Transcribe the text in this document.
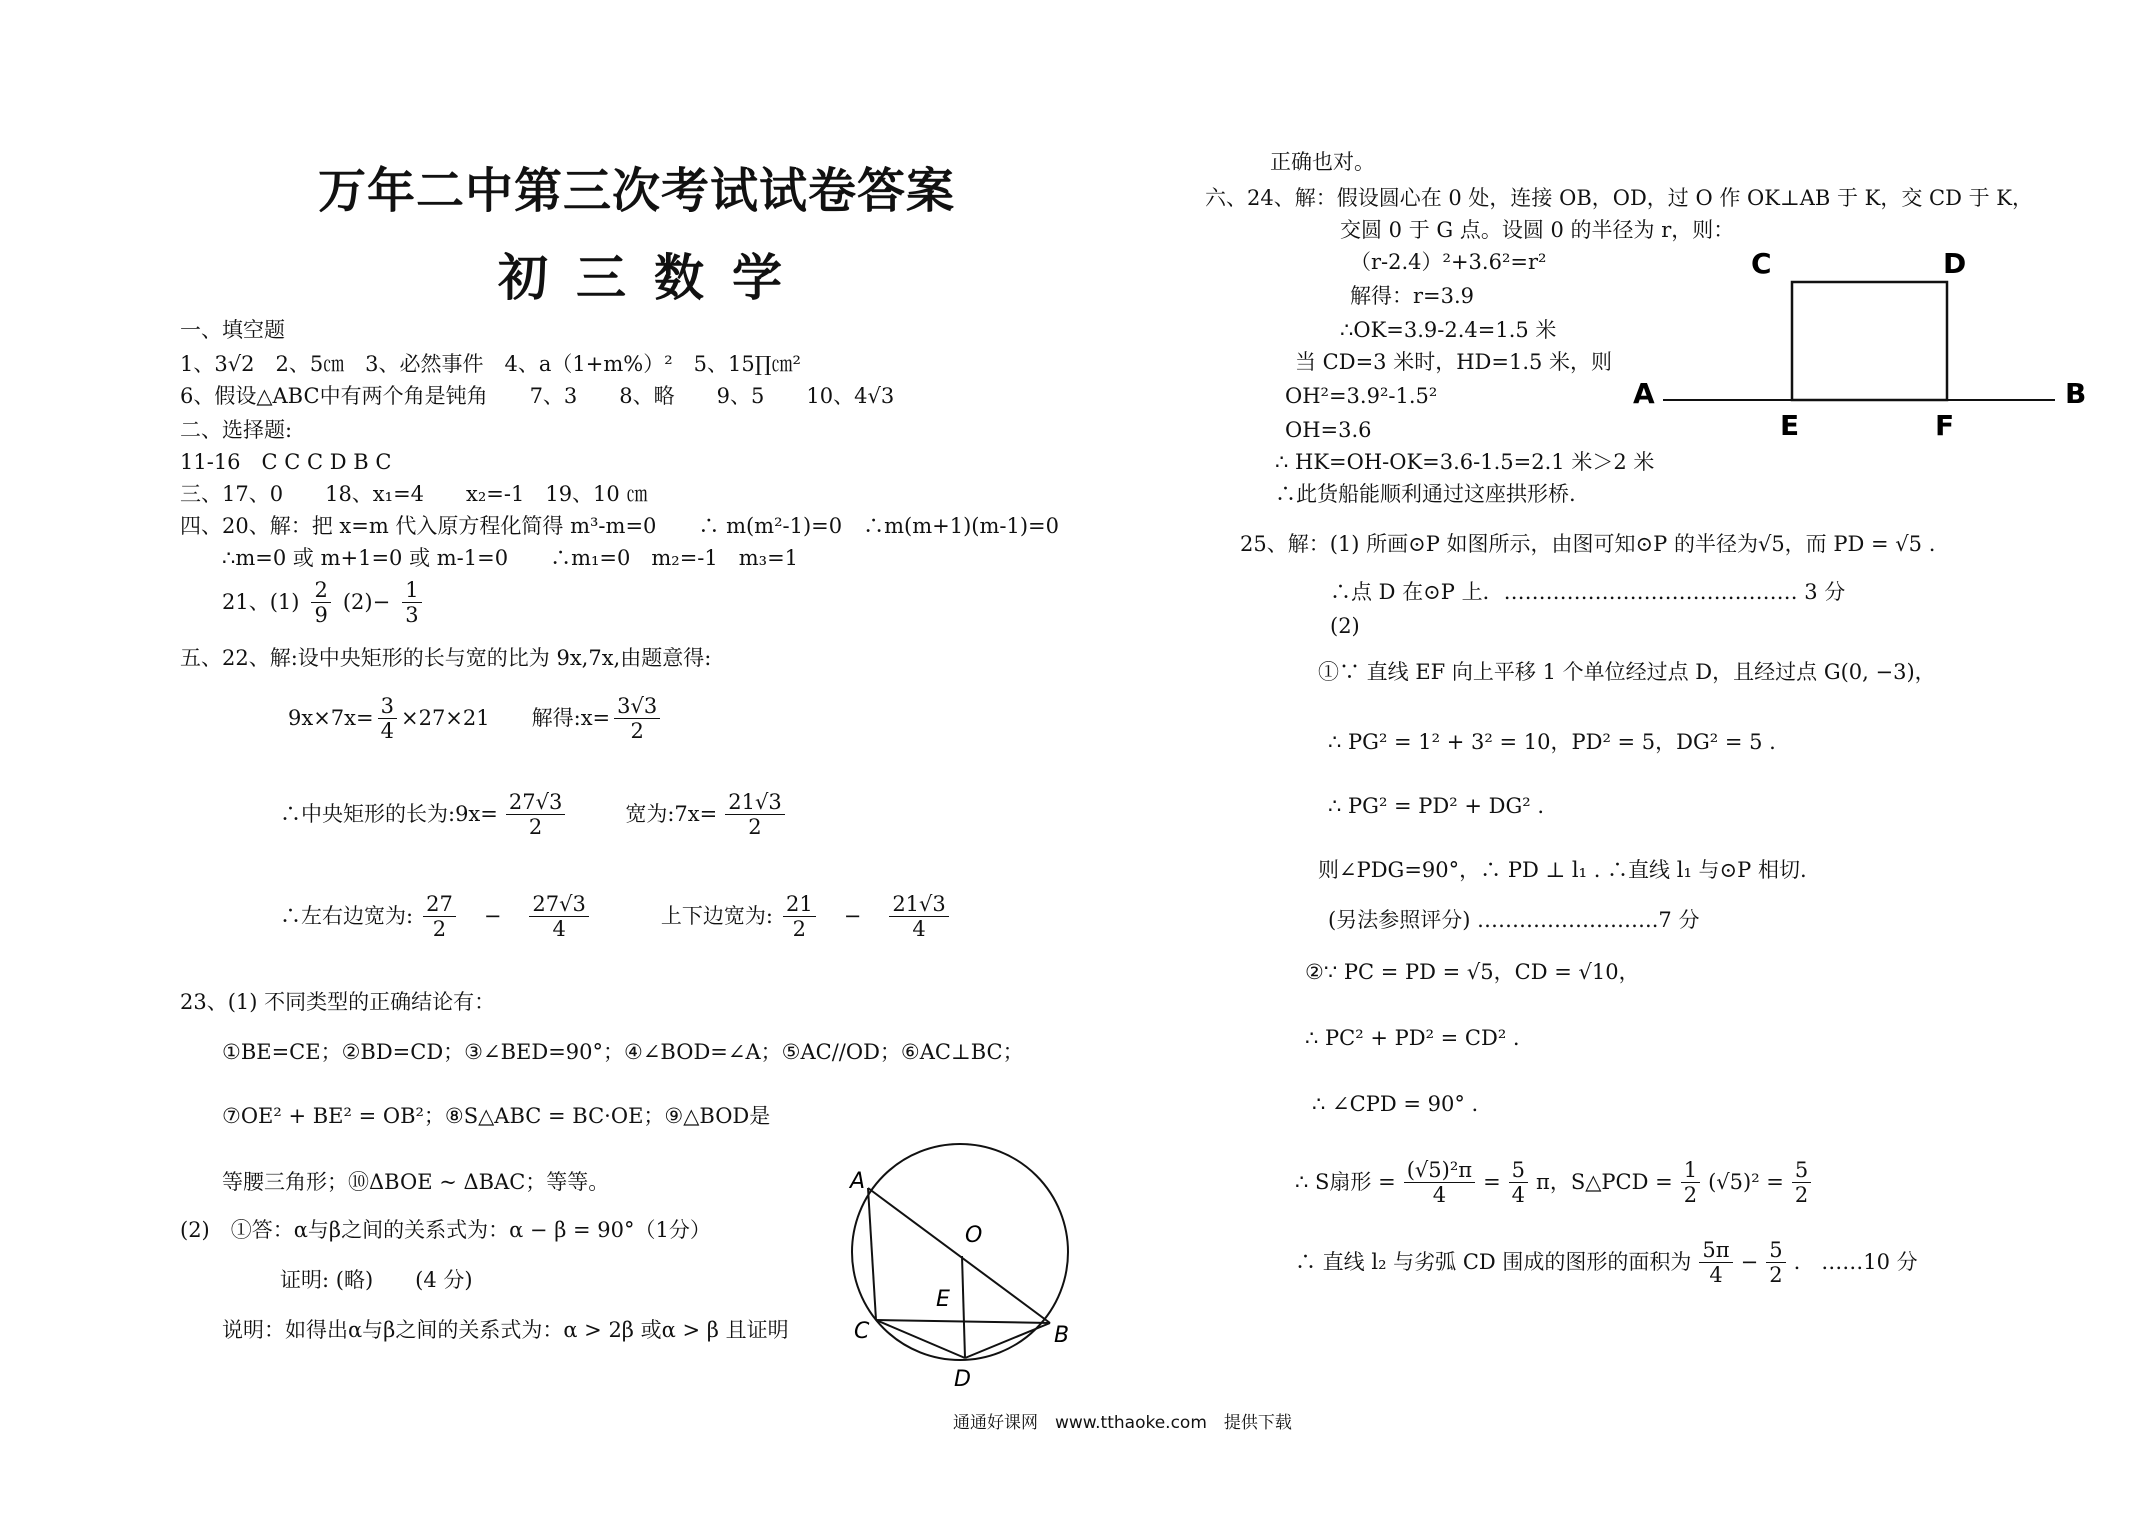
万年二中第三次考试试卷答案
初三数学
一、填空题
1、3√2　2、5㎝　3、必然事件　4、a（1+m%）²　5、15∏㎝²
6、假设△ABC中有两个角是钝角　　7、3　　8、略　　9、5　　10、4√3
二、选择题:
11-16　C C C D B C
三、17、0　　18、x₁=4　　x₂=-1　19、10 ㎝
四、20、解：把 x=m 代入原方程化简得 m³-m=0　　∴ m(m²-1)=0　∴m(m+1)(m-1)=0
∴m=0 或 m+1=0 或 m-1=0　　∴m₁=0　m₂=-1　m₃=1
21、$(1) \frac{2}{9} (2)- \frac{1}{3}$
五、22、解:设中央矩形的长与宽的比为 9x,7x,由题意得:
$9x\times 7x= \frac{3}{4} \times 27\times 21$　　解得:x= $\frac{3√3}{2}$
∴中央矩形的长为:9x= $\frac{27√3}{2}$	宽为:7x= $\frac{21√3}{2}$
∴左右边宽为: $\frac{27}{2} - \frac{27√3}{4}$	上下边宽为: $\frac{21}{2} - \frac{21√3}{4}$
23、(1) 不同类型的正确结论有：
①BE=CE；②BD=CD；③∠BED=90°；④∠BOD=∠A；⑤AC//OD；⑥AC⊥BC；
⑦OE² + BE² = OB²；⑧S△ABC = BC·OE；⑨△BOD是
等腰三角形；⑩ΔBOE ~ ΔBAC；等等。
(2)　①答：α与β之间的关系式为：α − β = 90°（1分）
证明: (略)　　(4 分)
说明：如得出α与β之间的关系式为：α > 2β 或α > β 且证明
A
O
E
C	B
D
正确也对。
六、24、解：假设圆心在 0 处，连接 OB，OD，过 O 作 OK⊥AB 于 K，交 CD 于 K，
交圆 0 于 G 点。设圆 0 的半径为 r，则：
（r-2.4）²+3.6²=r²
解得：r=3.9
∴OK=3.9-2.4=1.5 米
当 CD=3 米时，HD=1.5 米，则
OH²=3.9²-1.5²
OH=3.6
∴ HK=OH-OK=3.6-1.5=2.1 米＞2 米
∴此货船能顺利通过这座拱形桥.
C	D
A
E	F
B
25、解：(1) 所画⊙P 如图所示，由图可知⊙P 的半径为√5，而 PD = √5 .
∴点 D 在⊙P 上．…………………………………… 3 分
(2)
①∵ 直线 EF 向上平移 1 个单位经过点 D，且经过点 G(0, −3)，
∴ PG² = 1² + 3² = 10，PD² = 5，DG² = 5 .
∴ PG² = PD² + DG² .
则∠PDG=90°，∴ PD ⊥ l₁ . ∴直线 l₁ 与⊙P 相切.
(另法参照评分) ……………………..7 分
②∵ PC = PD = √5，CD = √10，
∴ PC² + PD² = CD² .
∴ ∠CPD = 90° .
∴ S扇形 = $\frac{\text{(√5)²π}}{4} = \frac{5}{4}$ π，S△PCD = $\frac{1}{2} (√5)^2 = \frac{5}{2}$
∴ 直线 l₂ 与劣弧 CD 围成的图形的面积为 $\frac{5\pi}{4} - \frac{5}{2}$ .　……10 分
通通好课网　www.tthaoke.com　提供下载
